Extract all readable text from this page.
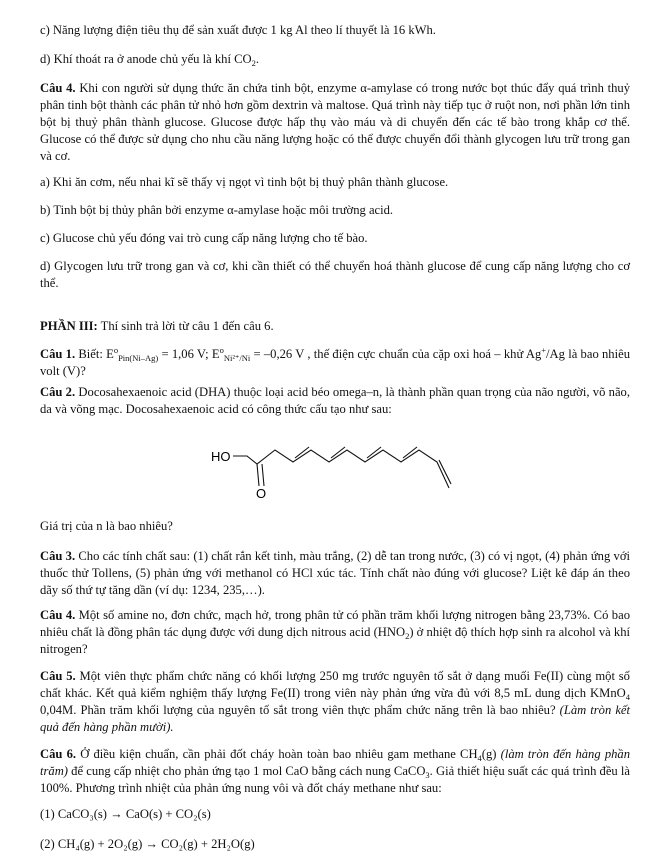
c) Năng lượng điện tiêu thụ để sản xuất được 1 kg Al theo lí thuyết là 16 kWh.

d) Khí thoát ra ở anode chủ yếu là khí $CO_2$.

Câu 4. Khi con người sử dụng thức ăn chứa tinh bột, enzyme α-amylase có trong nước bọt thúc đẩy quá trình thuỷ phân tinh bột thành các phân tử nhỏ hơn gồm dextrin và maltose. Quá trình này tiếp tục ở ruột non, nơi phần lớn tinh bột bị thuỷ phân thành glucose. Glucose được hấp thụ vào máu và di chuyển đến các tế bào trong khắp cơ thể. Glucose có thể được sử dụng cho nhu cầu năng lượng hoặc có thể được chuyển đổi thành glycogen lưu trữ trong gan và cơ.

a) Khi ăn cơm, nếu nhai kĩ sẽ thấy vị ngọt vì tinh bột bị thuỷ phân thành glucose.

b) Tinh bột bị thủy phân bởi enzyme α-amylase hoặc môi trường acid.

c) Glucose chủ yếu đóng vai trò cung cấp năng lượng cho tế bào.

d) Glycogen lưu trữ trong gan và cơ, khi cần thiết có thể chuyển hoá thành glucose để cung cấp năng lượng cho cơ thể.

PHẦN III: Thí sinh trả lời từ câu 1 đến câu 6.

Câu 1. Biết: $E^o_{Pin(Ni-Ag)} = 1,06$ V; $E^o_{Ni^{2+}/Ni} = -0,26$ V , thế điện cực chuẩn của cặp oxi hoá – khử Ag+/Ag là bao nhiêu volt (V)?

Câu 2. Docosahexaenoic acid (DHA) thuộc loại acid béo omega–n, là thành phần quan trọng của não người, võ não, da và võng mạc. Docosahexaenoic acid có công thức cấu tạo như sau:

HO
O

Giá trị của n là bao nhiêu?

Câu 3. Cho các tính chất sau: (1) chất rắn kết tinh, màu trắng, (2) dễ tan trong nước, (3) có vị ngọt, (4) phản ứng với thuốc thử Tollens, (5) phản ứng với methanol có HCl xúc tác. Tính chất nào đúng với glucose? Liệt kê đáp án theo dãy số thứ tự tăng dần (ví dụ: 1234, 235,…).

Câu 4. Một số amine no, đơn chức, mạch hở, trong phân tử có phần trăm khối lượng nitrogen bằng 23,73%. Có bao nhiêu chất là đồng phân tác dụng được với dung dịch nitrous acid $(HNO_2)$ ở nhiệt độ thích hợp sinh ra alcohol và khí nitrogen?

Câu 5. Một viên thực phẩm chức năng có khối lượng 250 mg trước nguyên tố sắt ở dạng muối Fe(II) cùng một số chất khác. Kết quả kiểm nghiệm thấy lượng Fe(II) trong viên này phản ứng vừa đủ với 8,5 mL dung dịch KMnO$_4$ 0,04M. Phần trăm khối lượng của nguyên tố sắt trong viên thực phẩm chức năng trên là bao nhiêu? (Làm tròn kết quả đến hàng phần mười).

Câu 6. Ở điều kiện chuẩn, cần phải đốt cháy hoàn toàn bao nhiêu gam methane $CH_4(g)$ (làm tròn đến hàng phần trăm) để cung cấp nhiệt cho phản ứng tạo 1 mol CaO bằng cách nung CaCO$_3$. Giả thiết hiệu suất các quá trình đều là 100%. Phương trình nhiệt của phản ứng nung vôi và đốt cháy methane như sau:

(1) CaCO₃(s) → CaO(s) + CO₂(s)

(2) CH₄(g) + 2O₂(g) → CO₂(g) + 2H₂O(g)
